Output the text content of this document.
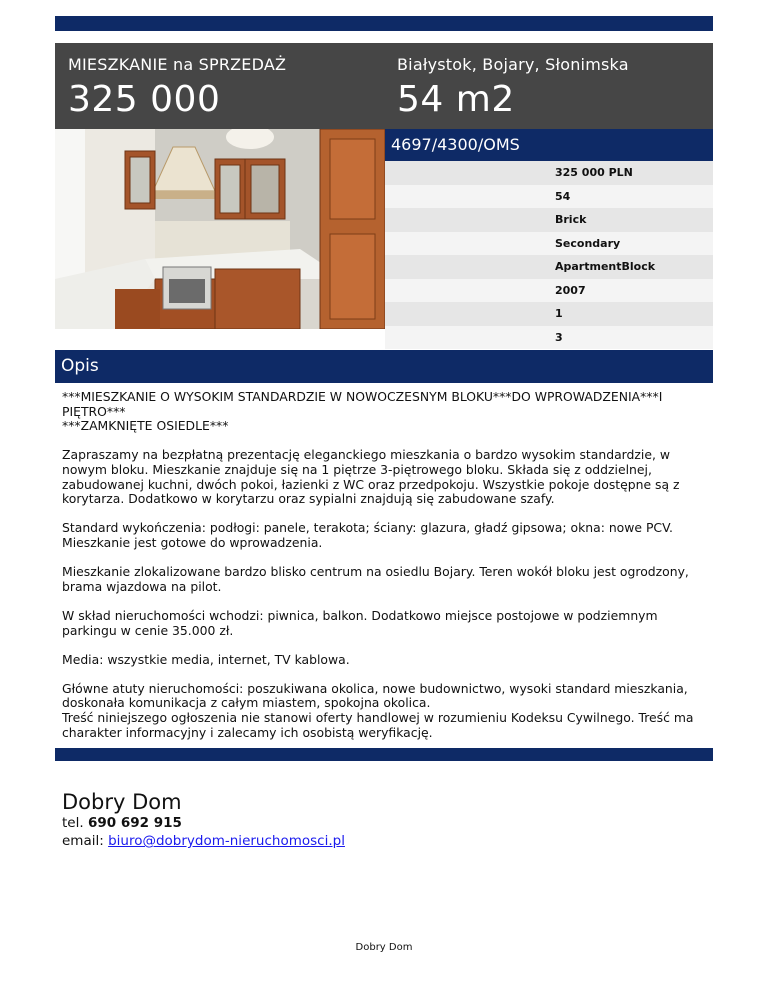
MIESZKANIE na SPRZEDAŻ
325 000
Białystok, Bojary, Słonimska
54 m2
4697/4300/OMS
325 000 PLN
54
Brick
Secondary
ApartmentBlock
2007
1
3
Opis

***MIESZKANIE O WYSOKIM STANDARDZIE W NOWOCZESNYM BLOKU***DO WPROWADZENIA***I PIĘTRO***
***ZAMKNIĘTE OSIEDLE***

Zapraszamy na bezpłatną prezentację eleganckiego mieszkania o bardzo wysokim standardzie, w nowym bloku. Mieszkanie znajduje się na 1 piętrze 3-piętrowego bloku. Składa się z oddzielnej, zabudowanej kuchni, dwóch pokoi, łazienki z WC oraz przedpokoju. Wszystkie pokoje dostępne są z korytarza. Dodatkowo w korytarzu oraz sypialni znajdują się zabudowane szafy.

Standard wykończenia: podłogi: panele, terakota; ściany: glazura, gładź gipsowa; okna: nowe PCV. Mieszkanie jest gotowe do wprowadzenia.

Mieszkanie zlokalizowane bardzo blisko centrum na osiedlu Bojary. Teren wokół bloku jest ogrodzony, brama wjazdowa na pilot.

W skład nieruchomości wchodzi: piwnica, balkon. Dodatkowo miejsce postojowe w podziemnym parkingu w cenie 35.000 zł.

Media: wszystkie media, internet, TV kablowa.

Główne atuty nieruchomości: poszukiwana okolica, nowe budownictwo, wysoki standard mieszkania, doskonała komunikacja z całym miastem, spokojna okolica.
Treść niniejszego ogłoszenia nie stanowi oferty handlowej w rozumieniu Kodeksu Cywilnego. Treść ma charakter informacyjny i zalecamy ich osobistą weryfikację.

Dobry Dom
tel. 690 692 915
email: biuro@dobrydom-nieruchomosci.pl
Dobry Dom
